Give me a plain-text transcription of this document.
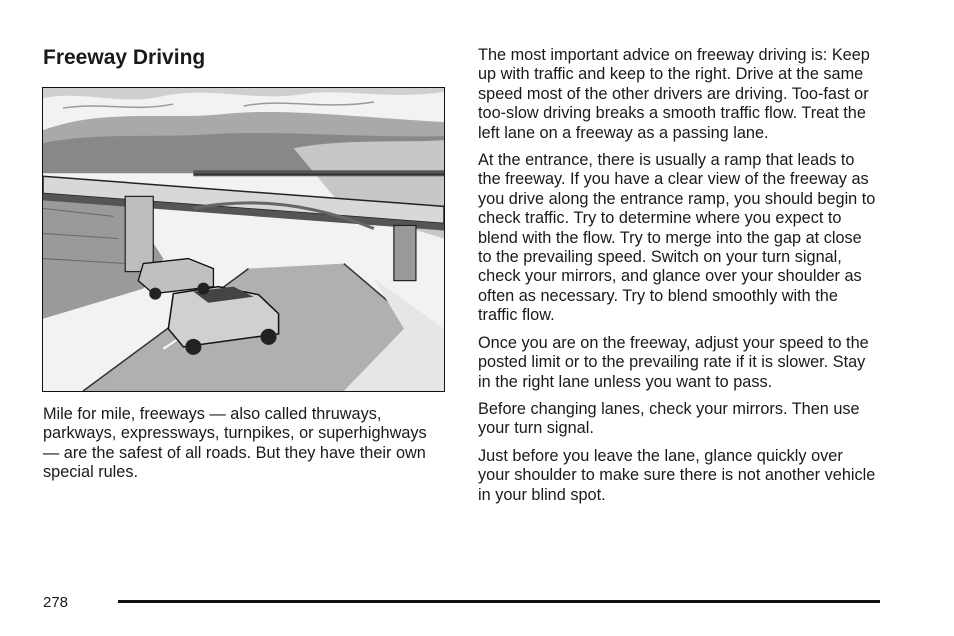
Freeway Driving

Mile for mile, freeways — also called thruways, parkways, expressways, turnpikes, or superhighways — are the safest of all roads. But they have their own special rules.

The most important advice on freeway driving is: Keep up with traffic and keep to the right. Drive at the same speed most of the other drivers are driving. Too-fast or too-slow driving breaks a smooth traffic flow. Treat the left lane on a freeway as a passing lane.

At the entrance, there is usually a ramp that leads to the freeway. If you have a clear view of the freeway as you drive along the entrance ramp, you should begin to check traffic. Try to determine where you expect to blend with the flow. Try to merge into the gap at close to the prevailing speed. Switch on your turn signal, check your mirrors, and glance over your shoulder as often as necessary. Try to blend smoothly with the traffic flow.

Once you are on the freeway, adjust your speed to the posted limit or to the prevailing rate if it is slower. Stay in the right lane unless you want to pass.

Before changing lanes, check your mirrors. Then use your turn signal.

Just before you leave the lane, glance quickly over your shoulder to make sure there is not another vehicle in your blind spot.

278
